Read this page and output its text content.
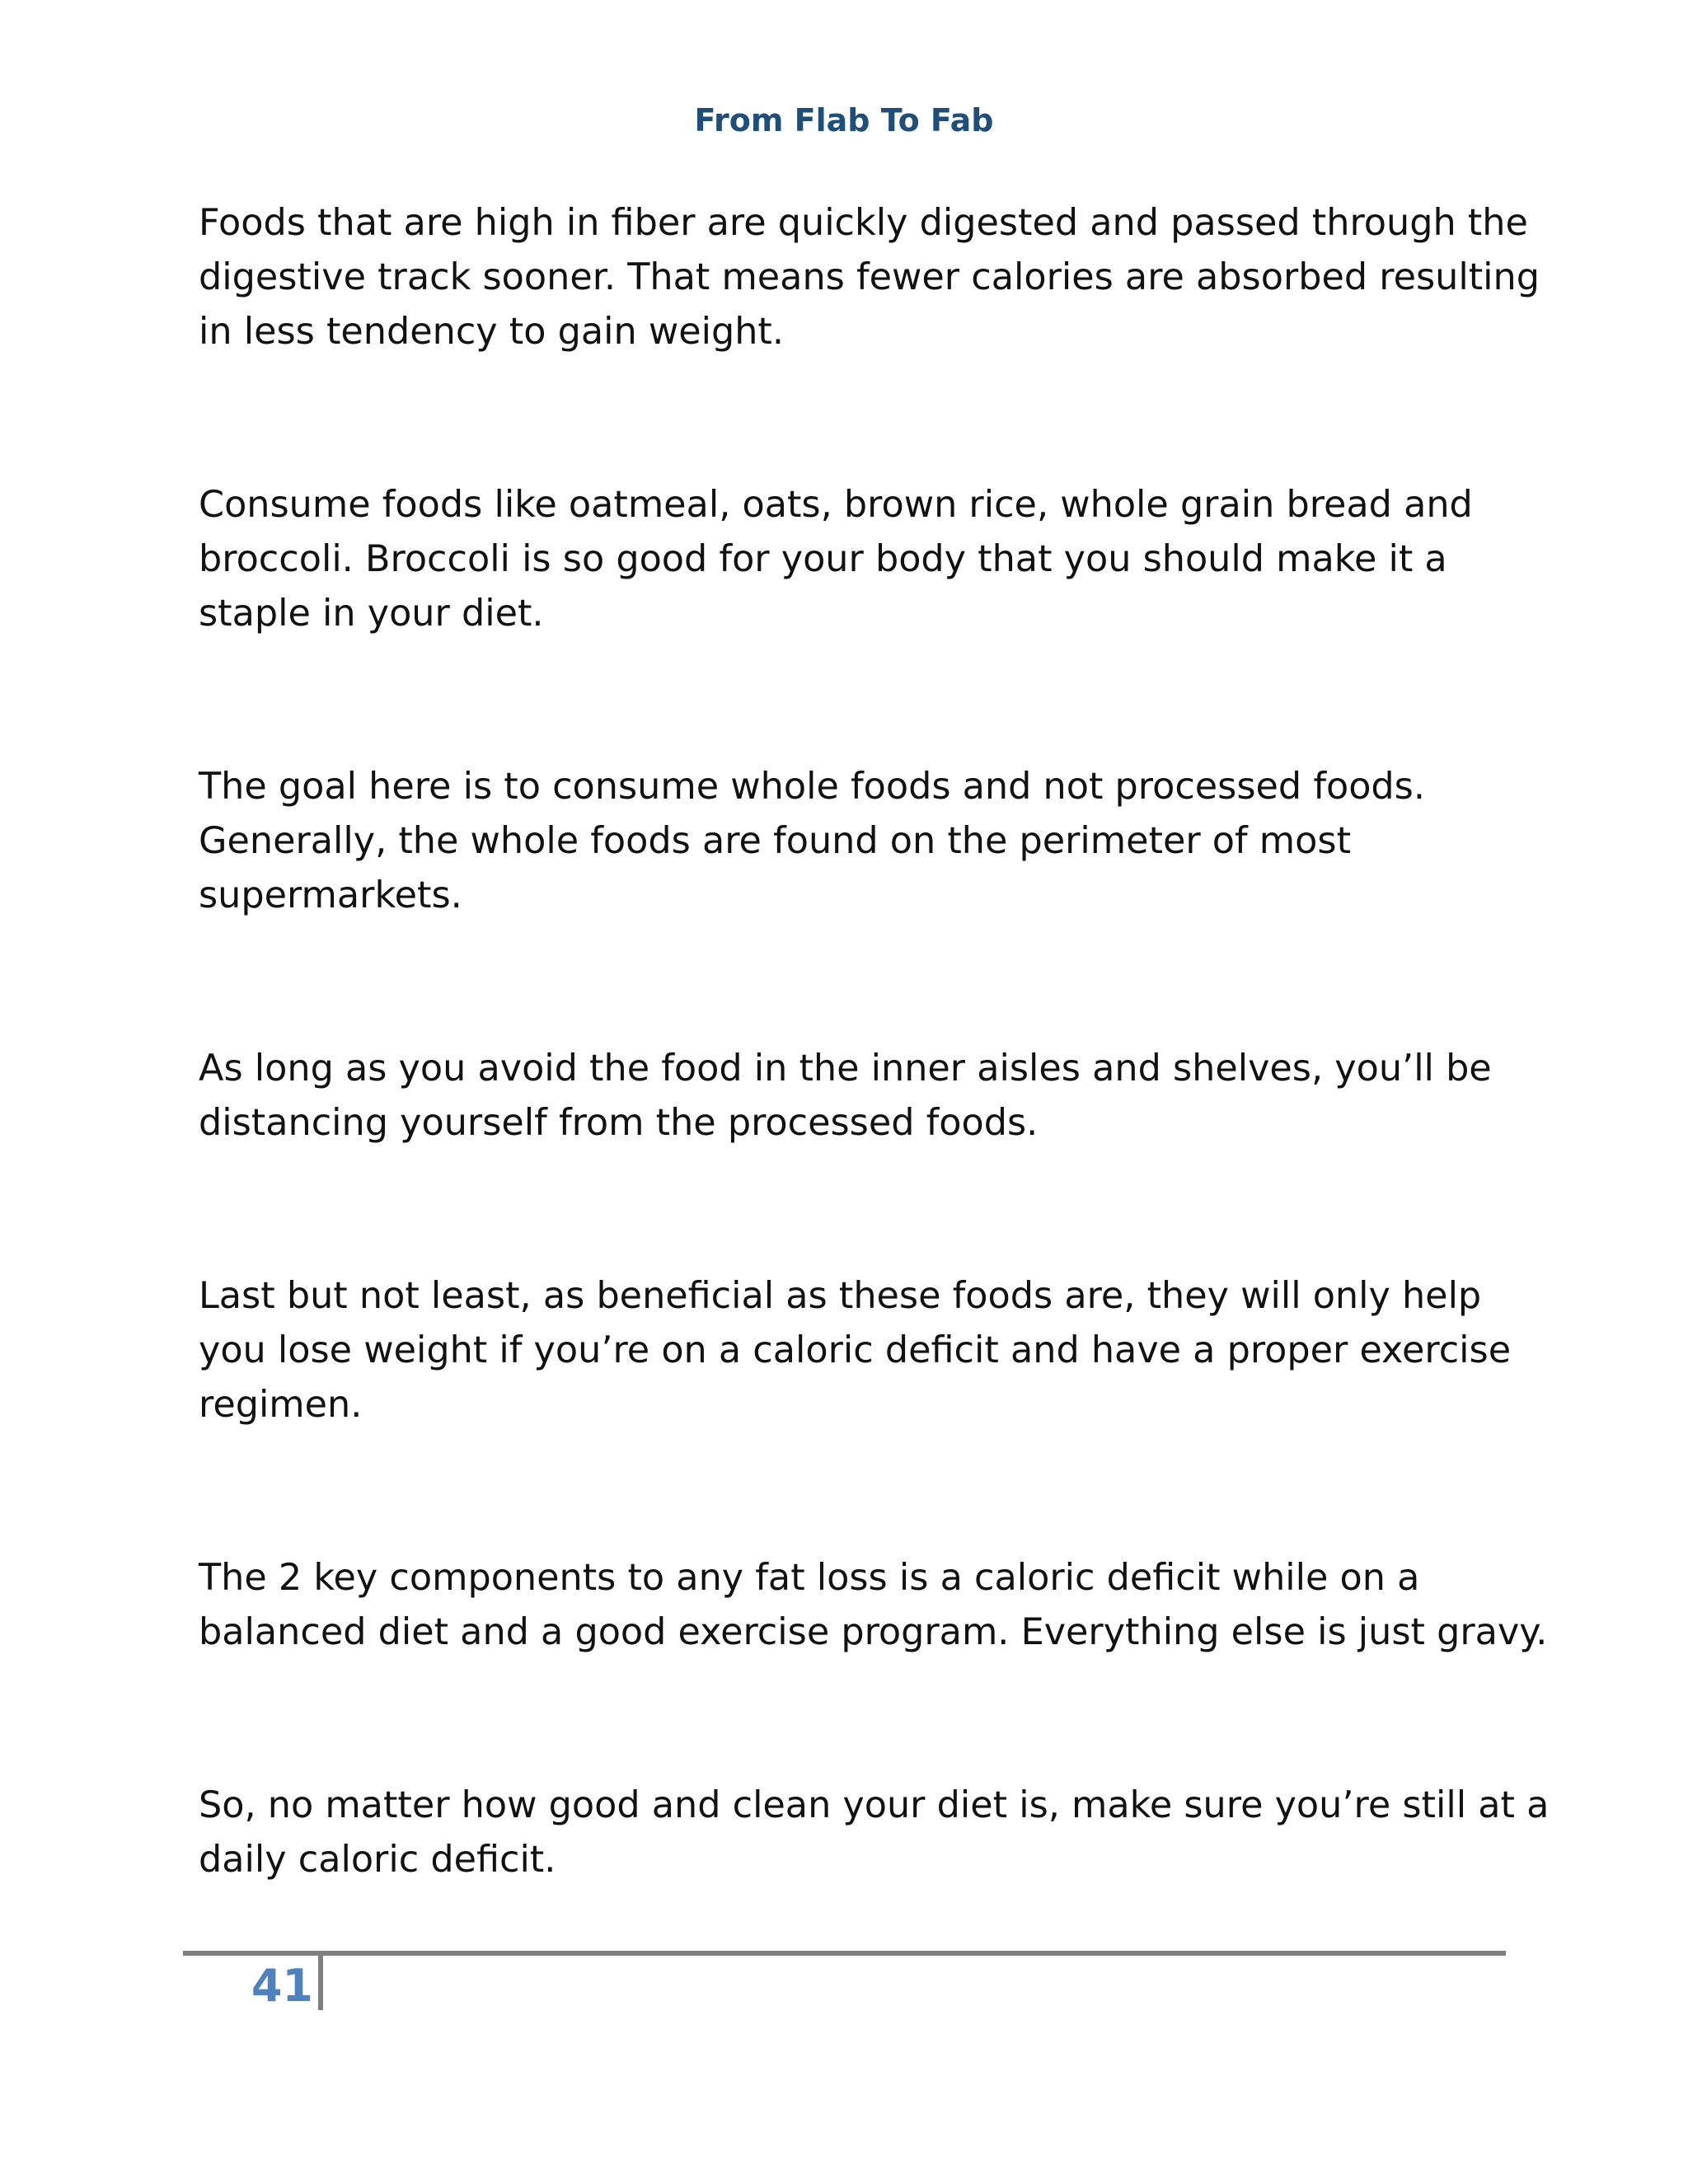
From Flab To Fab

Foods that are high in fiber are quickly digested and passed through the digestive track sooner. That means fewer calories are absorbed resulting in less tendency to gain weight.

Consume foods like oatmeal, oats, brown rice, whole grain bread and broccoli. Broccoli is so good for your body that you should make it a staple in your diet.

The goal here is to consume whole foods and not processed foods. Generally, the whole foods are found on the perimeter of most supermarkets.

As long as you avoid the food in the inner aisles and shelves, you’ll be distancing yourself from the processed foods.

Last but not least, as beneficial as these foods are, they will only help you lose weight if you’re on a caloric deficit and have a proper exercise regimen.

The 2 key components to any fat loss is a caloric deficit while on a balanced diet and a good exercise program. Everything else is just gravy.

So, no matter how good and clean your diet is, make sure you’re still at a daily caloric deficit.

41
